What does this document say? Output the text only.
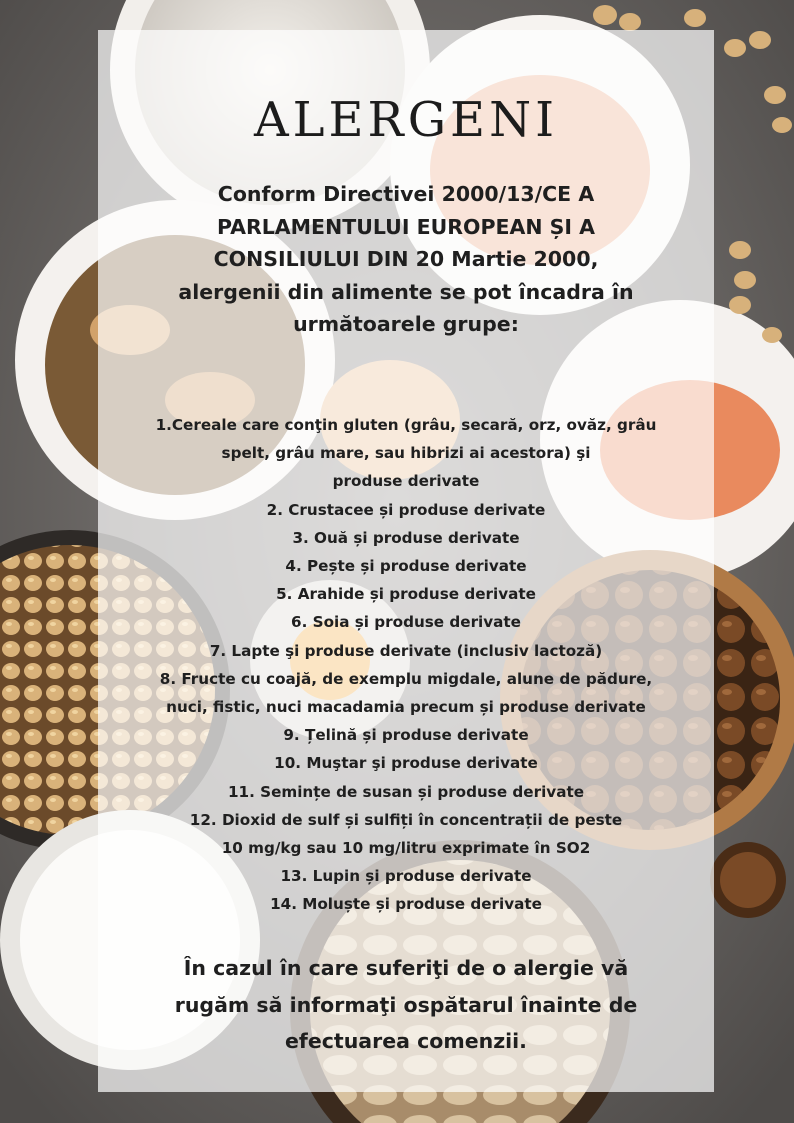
ALERGENI

Conform Directivei 2000/13/CE A
PARLAMENTULUI EUROPEAN ȘI A
CONSILIULUI DIN 20 Martie 2000,
alergenii din alimente se pot încadra în
următoarele grupe:

1.Cereale care conţin gluten (grâu, secară, orz, ovăz, grâu
spelt, grâu mare, sau hibrizi ai acestora) şi
produse derivate
2. Crustacee și produse derivate
3. Ouă și produse derivate
4. Pește și produse derivate
5. Arahide și produse derivate
6. Soia și produse derivate
7. Lapte şi produse derivate (inclusiv lactoză)
8. Fructe cu coajă, de exemplu migdale, alune de pădure,
nuci, fistic, nuci macadamia precum și produse derivate
9. Țelină și produse derivate
10. Muştar şi produse derivate
11. Semințe de susan și produse derivate
12. Dioxid de sulf și sulfiți în concentrații de peste
10 mg/kg sau 10 mg/litru exprimate în SO2
13. Lupin și produse derivate
14. Moluște și produse derivate

În cazul în care suferiţi de o alergie vă
rugăm să informaţi ospătarul înainte de
efectuarea comenzii.
